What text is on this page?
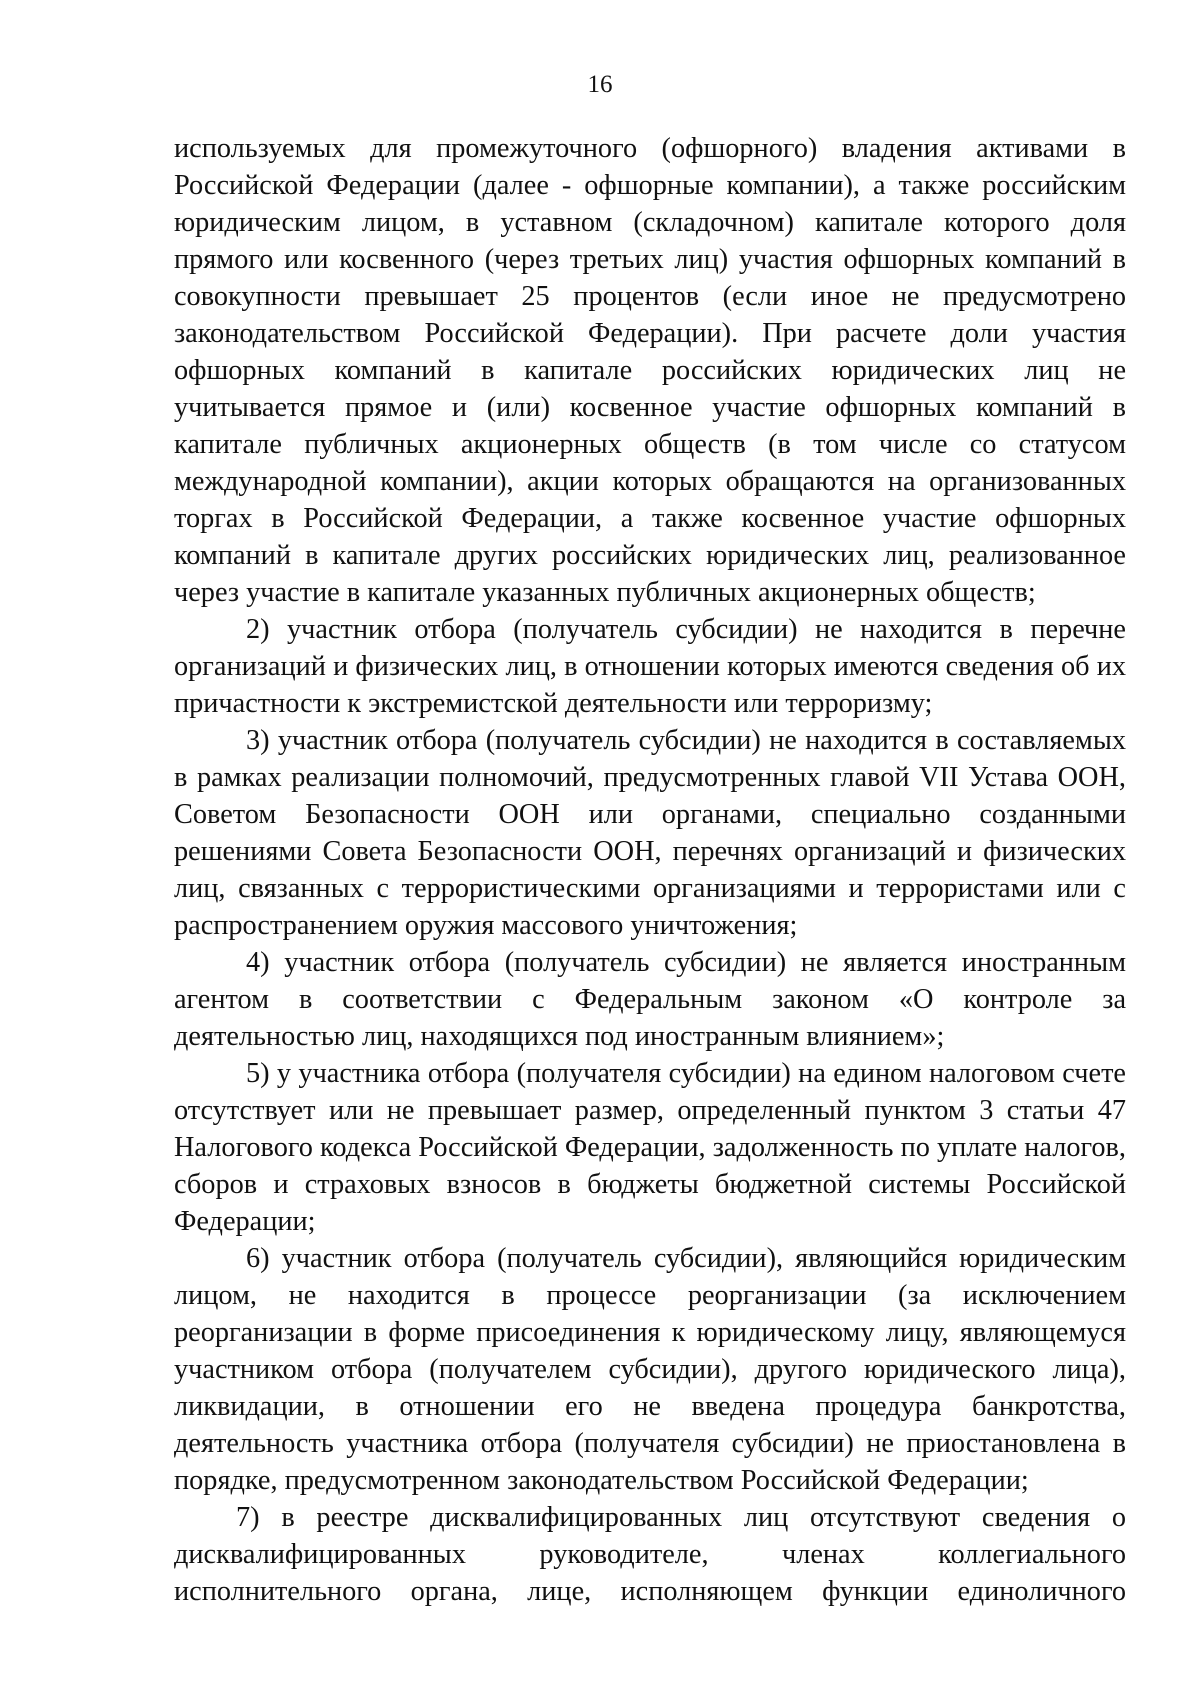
16

используемых для промежуточного (офшорного) владения активами в Российской Федерации (далее - офшорные компании), а также российским юридическим лицом, в уставном (складочном) капитале которого доля прямого или косвенного (через третьих лиц) участия офшорных компаний в совокупности превышает 25 процентов (если иное не предусмотрено законодательством Российской Федерации). При расчете доли участия офшорных компаний в капитале российских юридических лиц не учитывается прямое и (или) косвенное участие офшорных компаний в капитале публичных акционерных обществ (в том числе со статусом международной компании), акции которых обращаются на организованных торгах в Российской Федерации, а также косвенное участие офшорных компаний в капитале других российских юридических лиц, реализованное через участие в капитале указанных публичных акционерных обществ;

2) участник отбора (получатель субсидии) не находится в перечне организаций и физических лиц, в отношении которых имеются сведения об их причастности к экстремистской деятельности или терроризму;

3) участник отбора (получатель субсидии) не находится в составляемых в рамках реализации полномочий, предусмотренных главой VII Устава ООН, Советом Безопасности ООН или органами, специально созданными решениями Совета Безопасности ООН, перечнях организаций и физических лиц, связанных с террористическими организациями и террористами или с распространением оружия массового уничтожения;

4) участник отбора (получатель субсидии) не является иностранным агентом в соответствии с Федеральным законом «О контроле за деятельностью лиц, находящихся под иностранным влиянием»;

5) у участника отбора (получателя субсидии) на едином налоговом счете отсутствует или не превышает размер, определенный пунктом 3 статьи 47 Налогового кодекса Российской Федерации, задолженность по уплате налогов, сборов и страховых взносов в бюджеты бюджетной системы Российской Федерации;

6) участник отбора (получатель субсидии), являющийся юридическим лицом, не находится в процессе реорганизации (за исключением реорганизации в форме присоединения к юридическому лицу, являющемуся участником отбора (получателем субсидии), другого юридического лица), ликвидации, в отношении его не введена процедура банкротства, деятельность участника отбора (получателя субсидии) не приостановлена в порядке, предусмотренном законодательством Российской Федерации;

7) в реестре дисквалифицированных лиц отсутствуют сведения о дисквалифицированных руководителе, членах коллегиального исполнительного органа, лице, исполняющем функции единоличного
